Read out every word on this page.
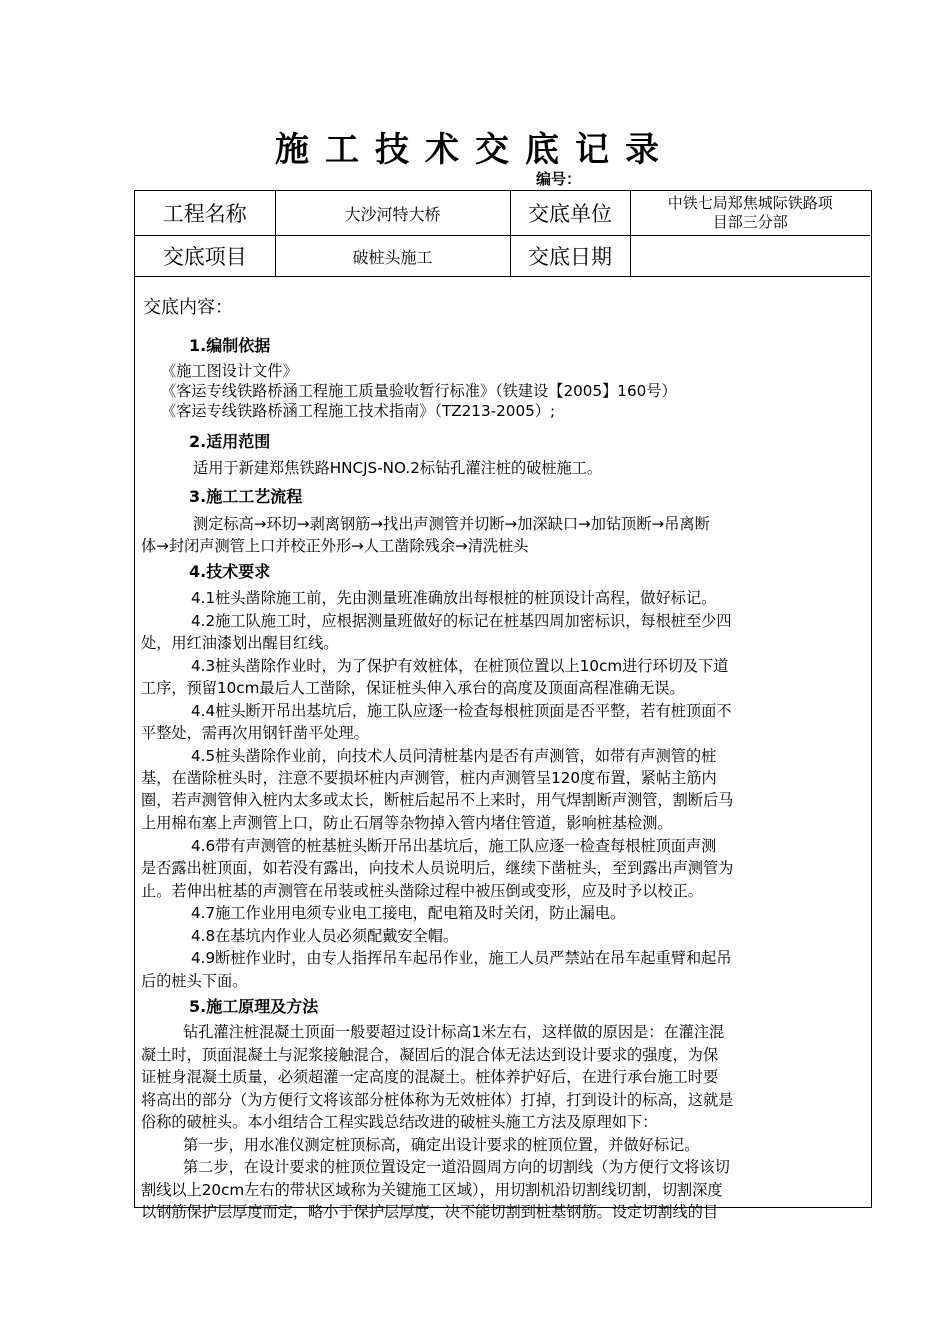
施工技术交底记录
编号：
工程名称	大沙河特大桥	交底单位	中铁七局郑焦城际铁路项
目部三分部

交底项目	破桩头施工	交底日期	
交底内容：
1.编制依据
《施工图设计文件》
《客运专线铁路桥涵工程施工质量验收暂行标准》（铁建设【2005】160号）
《客运专线铁路桥涵工程施工技术指南》（TZ213-2005）;
2.适用范围
适用于新建郑焦铁路HNCJS-NO.2标钻孔灌注桩的破桩施工。
3.施工工艺流程
测定标高→环切→剥离钢筋→找出声测管并切断→加深缺口→加钻顶断→吊离断
体→封闭声测管上口并校正外形→人工凿除残余→清洗桩头
4.技术要求
4.1桩头凿除施工前，先由测量班准确放出每根桩的桩顶设计高程，做好标记。
4.2施工队施工时，应根据测量班做好的标记在桩基四周加密标识，每根桩至少四
处，用红油漆划出醒目红线。
4.3桩头凿除作业时，为了保护有效桩体，在桩顶位置以上10cm进行环切及下道
工序，预留10cm最后人工凿除，保证桩头伸入承台的高度及顶面高程准确无误。
4.4桩头断开吊出基坑后，施工队应逐一检查每根桩顶面是否平整，若有桩顶面不
平整处，需再次用钢钎凿平处理。
4.5桩头凿除作业前，向技术人员问清桩基内是否有声测管，如带有声测管的桩
基，在凿除桩头时，注意不要损坏桩内声测管，桩内声测管呈120度布置，紧帖主筋内
圈，若声测管伸入桩内太多或太长，断桩后起吊不上来时，用气焊割断声测管，割断后马
上用棉布塞上声测管上口，防止石屑等杂物掉入管内堵住管道，影响桩基检测。
4.6带有声测管的桩基桩头断开吊出基坑后，施工队应逐一检查每根桩顶面声测
是否露出桩顶面，如若没有露出，向技术人员说明后，继续下凿桩头，至到露出声测管为
止。若伸出桩基的声测管在吊装或桩头凿除过程中被压倒或变形，应及时予以校正。
4.7施工作业用电须专业电工接电，配电箱及时关闭，防止漏电。
4.8在基坑内作业人员必须配戴安全帽。
4.9断桩作业时，由专人指挥吊车起吊作业，施工人员严禁站在吊车起重臂和起吊
后的桩头下面。
5.施工原理及方法
钻孔灌注桩混凝土顶面一般要超过设计标高1米左右，这样做的原因是：在灌注混
凝土时，顶面混凝土与泥浆接触混合，凝固后的混合体无法达到设计要求的强度，为保
证桩身混凝土质量，必须超灌一定高度的混凝土。桩体养护好后，在进行承台施工时要
将高出的部分（为方便行文将该部分桩体称为无效桩体）打掉，打到设计的标高，这就是
俗称的破桩头。本小组结合工程实践总结改进的破桩头施工方法及原理如下：
第一步，用水准仪测定桩顶标高，确定出设计要求的桩顶位置，并做好标记。
第二步，在设计要求的桩顶位置设定一道沿圆周方向的切割线（为方便行文将该切
割线以上20cm左右的带状区域称为关键施工区域），用切割机沿切割线切割，切割深度
以钢筋保护层厚度而定，略小于保护层厚度，决不能切割到桩基钢筋。设定切割线的目
